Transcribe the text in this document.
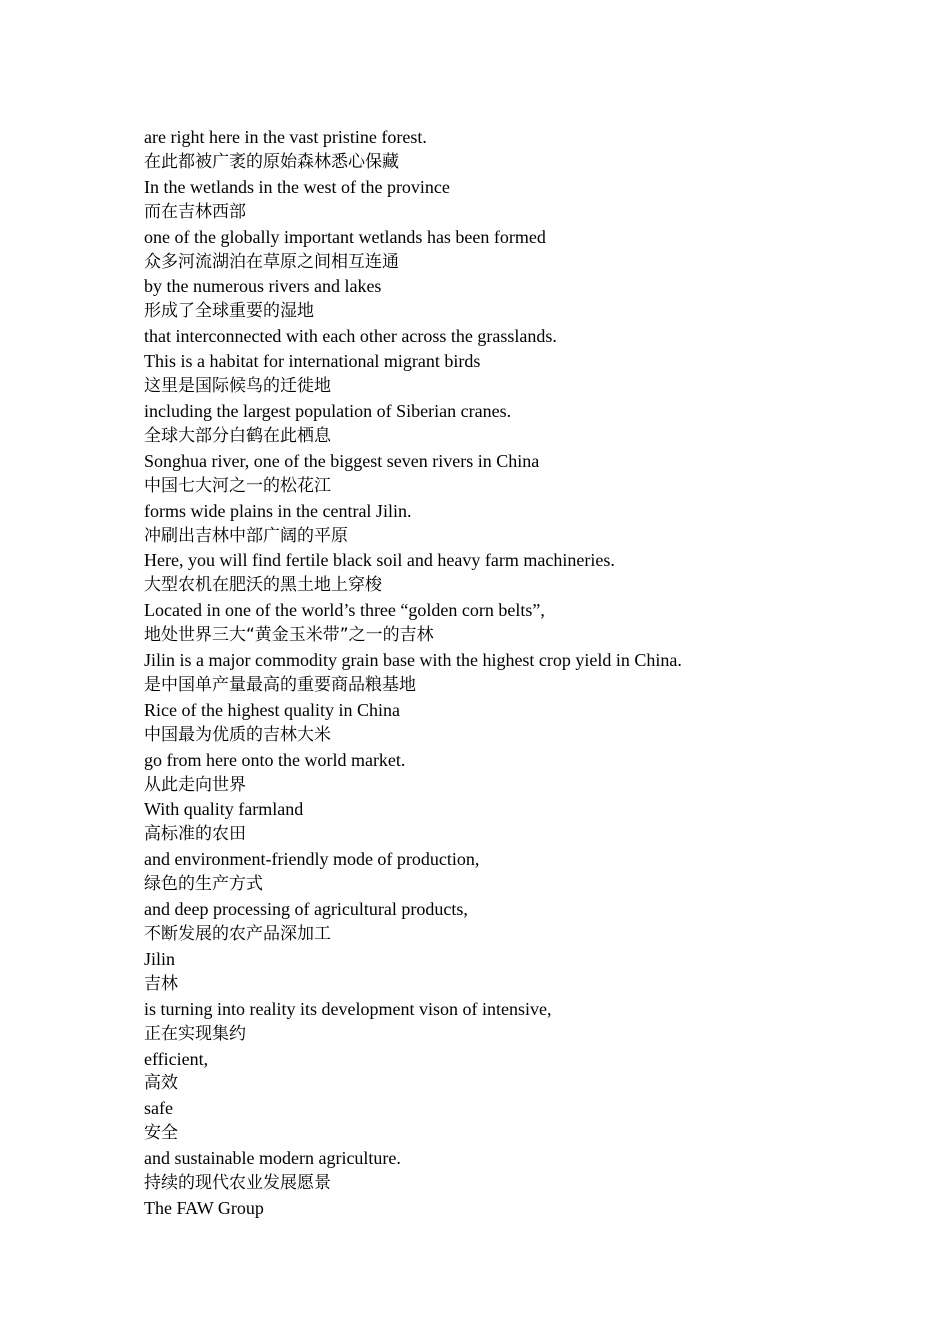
are right here in the vast pristine forest.

在此都被广袤的原始森林悉心保藏

In the wetlands in the west of the province

而在吉林西部

one of the globally important wetlands has been formed

众多河流湖泊在草原之间相互连通

by the numerous rivers and lakes

形成了全球重要的湿地

that interconnected with each other across the grasslands.

This is a habitat for international migrant birds

这里是国际候鸟的迁徙地

including the largest population of Siberian cranes.

全球大部分白鹤在此栖息

Songhua river, one of the biggest seven rivers in China

中国七大河之一的松花江

forms wide plains in the central Jilin.

冲刷出吉林中部广阔的平原

Here, you will find fertile black soil and heavy farm machineries.

大型农机在肥沃的黑土地上穿梭

Located in one of the world’s three “golden corn belts”,

地处世界三大“黄金玉米带”之一的吉林

Jilin is a major commodity grain base with the highest crop yield in China.

是中国单产量最高的重要商品粮基地

Rice of the highest quality in China

中国最为优质的吉林大米

go from here onto the world market.

从此走向世界

With quality farmland

高标准的农田

and environment-friendly mode of production,

绿色的生产方式

and deep processing of agricultural products,

不断发展的农产品深加工

Jilin

吉林

is turning into reality its development vison of intensive,

正在实现集约

efficient,

高效

safe

安全

and sustainable modern agriculture.

持续的现代农业发展愿景

The FAW Group
